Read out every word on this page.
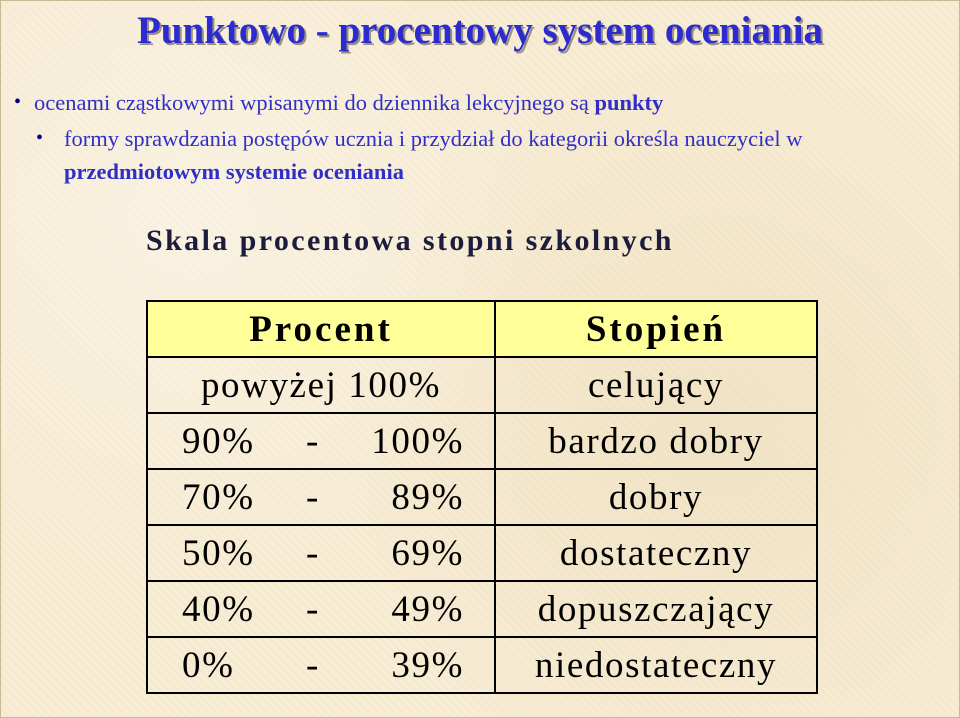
Punktowo - procentowy system oceniania
• ocenami cząstkowymi wpisanymi do dziennika lekcyjnego są punkty
• formy sprawdzania postępów ucznia i przydział do kategorii określa nauczyciel w przedmiotowym systemie oceniania
Skala procentowa stopni szkolnych
Procent	Stopień
powyżej 100%	celujący

90% - 100%	bardzo dobry

70% - 89%	dobry

50% - 69%	dostateczny

40% - 49%	dopuszczający

0% - 39%	niedostateczny
